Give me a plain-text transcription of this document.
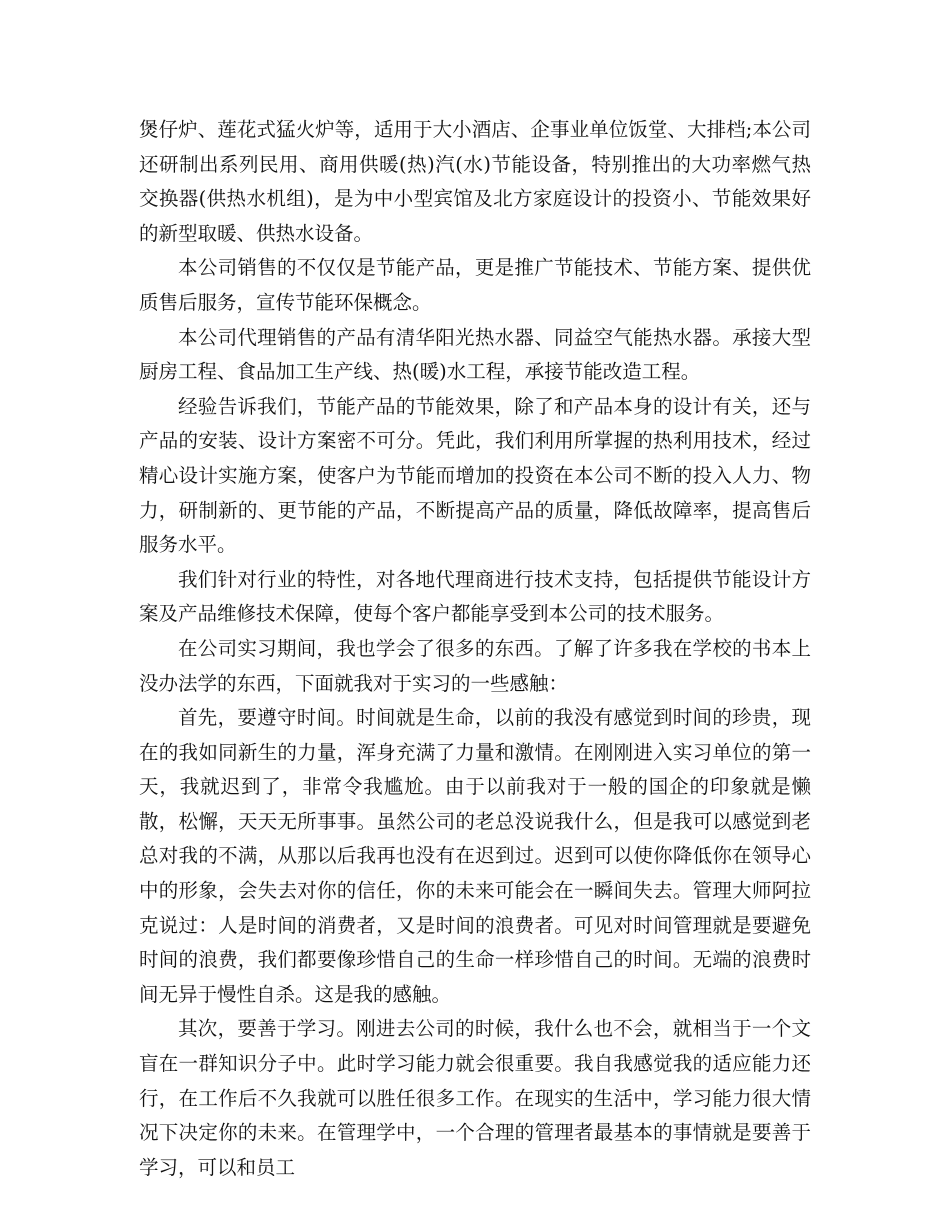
煲仔炉、莲花式猛火炉等，适用于大小酒店、企事业单位饭堂、大排档;本公司还研制出系列民用、商用供暖(热)汽(水)节能设备，特别推出的大功率燃气热交换器(供热水机组)，是为中小型宾馆及北方家庭设计的投资小、节能效果好的新型取暖、供热水设备。

本公司销售的不仅仅是节能产品，更是推广节能技术、节能方案、提供优质售后服务，宣传节能环保概念。

本公司代理销售的产品有清华阳光热水器、同益空气能热水器。承接大型厨房工程、食品加工生产线、热(暖)水工程，承接节能改造工程。

经验告诉我们，节能产品的节能效果，除了和产品本身的设计有关，还与产品的安装、设计方案密不可分。凭此，我们利用所掌握的热利用技术，经过精心设计实施方案，使客户为节能而增加的投资在本公司不断的投入人力、物力，研制新的、更节能的产品，不断提高产品的质量，降低故障率，提高售后服务水平。

我们针对行业的特性，对各地代理商进行技术支持，包括提供节能设计方案及产品维修技术保障，使每个客户都能享受到本公司的技术服务。

在公司实习期间，我也学会了很多的东西。了解了许多我在学校的书本上没办法学的东西，下面就我对于实习的一些感触：

首先，要遵守时间。时间就是生命，以前的我没有感觉到时间的珍贵，现在的我如同新生的力量，浑身充满了力量和激情。在刚刚进入实习单位的第一天，我就迟到了，非常令我尴尬。由于以前我对于一般的国企的印象就是懒散，松懈，天天无所事事。虽然公司的老总没说我什么，但是我可以感觉到老总对我的不满，从那以后我再也没有在迟到过。迟到可以使你降低你在领导心中的形象，会失去对你的信任，你的未来可能会在一瞬间失去。管理大师阿拉克说过：人是时间的消费者，又是时间的浪费者。可见对时间管理就是要避免时间的浪费，我们都要像珍惜自己的生命一样珍惜自己的时间。无端的浪费时间无异于慢性自杀。这是我的感触。

其次，要善于学习。刚进去公司的时候，我什么也不会，就相当于一个文盲在一群知识分子中。此时学习能力就会很重要。我自我感觉我的适应能力还行，在工作后不久我就可以胜任很多工作。在现实的生活中，学习能力很大情况下决定你的未来。在管理学中，一个合理的管理者最基本的事情就是要善于学习，可以和员工
